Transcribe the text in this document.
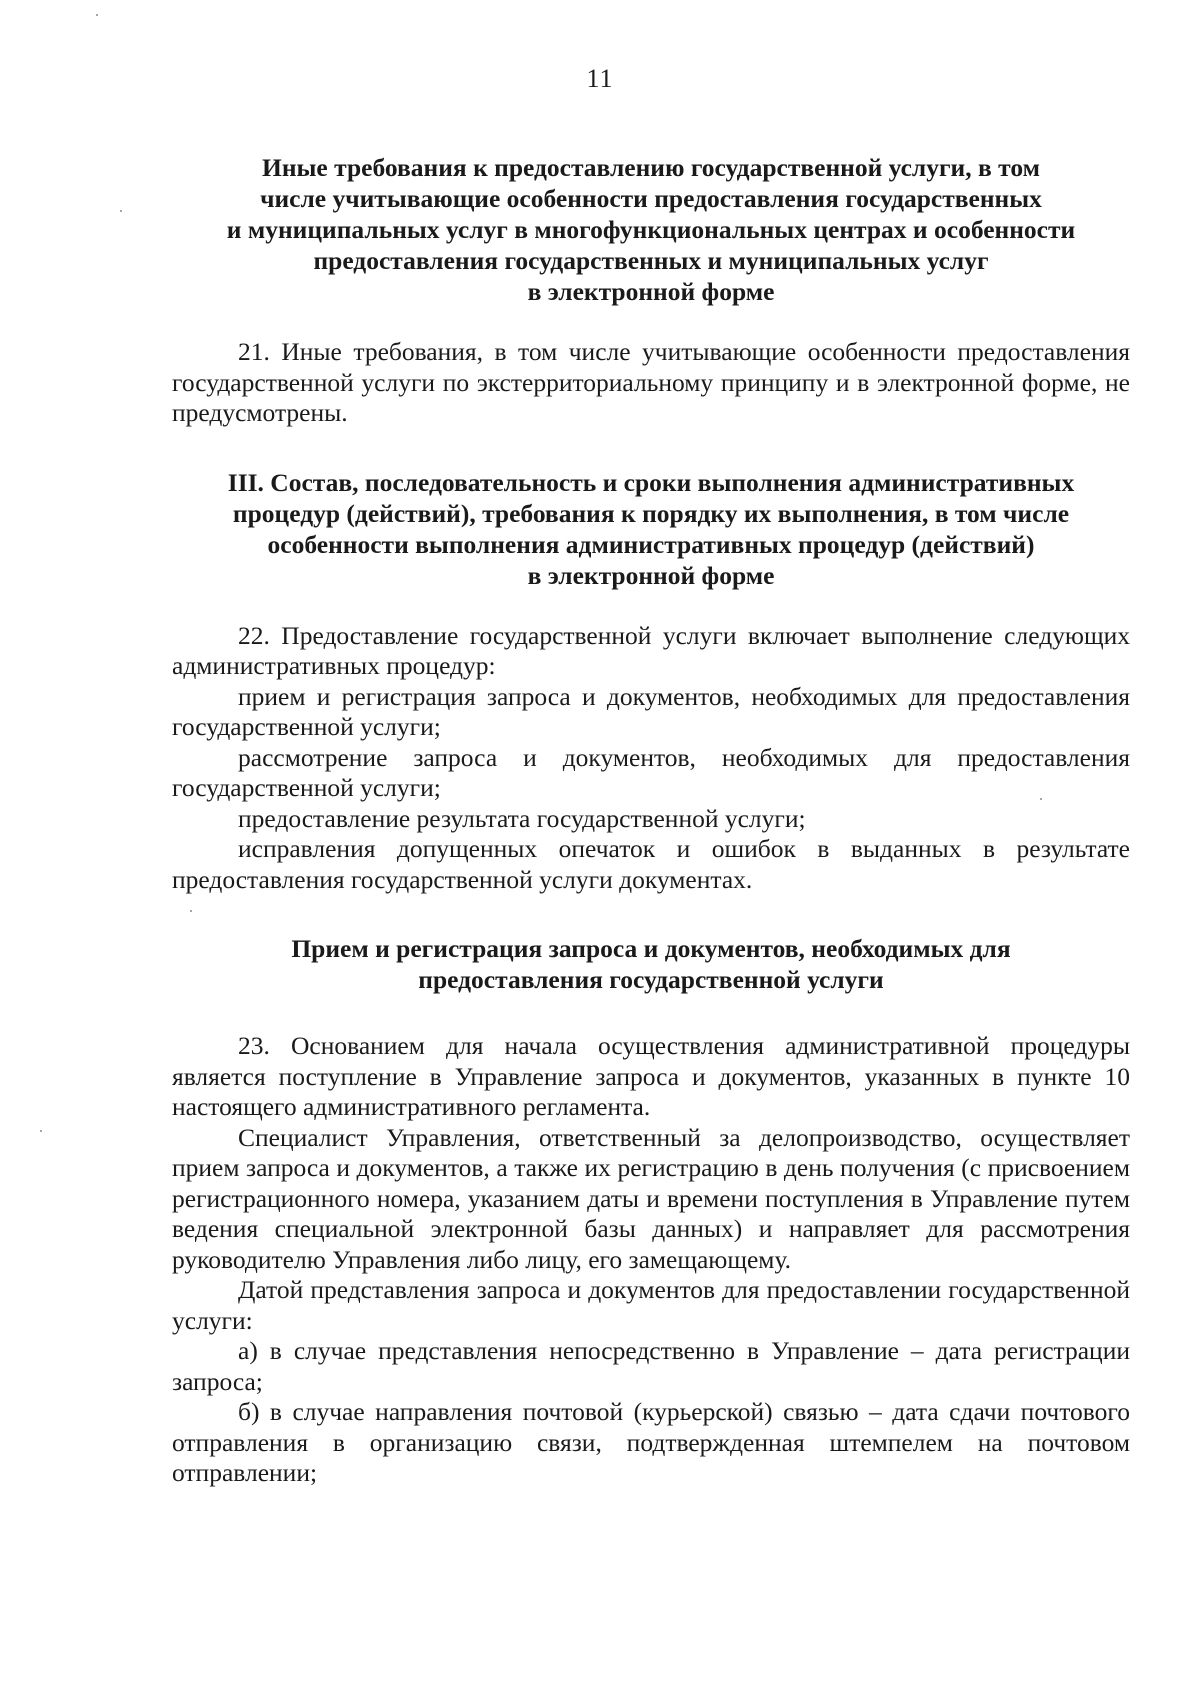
11
Иные требования к предоставлению государственной услуги, в том
числе учитывающие особенности предоставления государственных
и муниципальных услуг в многофункциональных центрах и особенности
предоставления государственных и муниципальных услуг
в электронной форме

21. Иные требования, в том числе учитывающие особенности предоставления государственной услуги по экстерриториальному принципу и в электронной форме, не предусмотрены.

III. Состав, последовательность и сроки выполнения административных
процедур (действий), требования к порядку их выполнения, в том числе
особенности выполнения административных процедур (действий)
в электронной форме

22. Предоставление государственной услуги включает выполнение следующих административных процедур:

прием и регистрация запроса и документов, необходимых для предоставления государственной услуги;

рассмотрение запроса и документов, необходимых для предоставления государственной услуги;

предоставление результата государственной услуги;

исправления допущенных опечаток и ошибок в выданных в результате предоставления государственной услуги документах.

Прием и регистрация запроса и документов, необходимых для
предоставления государственной услуги

23. Основанием для начала осуществления административной процедуры является поступление в Управление запроса и документов, указанных в пункте 10 настоящего административного регламента.

Специалист Управления, ответственный за делопроизводство, осуществляет прием запроса и документов, а также их регистрацию в день получения (с присвоением регистрационного номера, указанием даты и времени поступления в Управление путем ведения специальной электронной базы данных) и направляет для рассмотрения руководителю Управления либо лицу, его замещающему.

Датой представления запроса и документов для предоставлении государственной услуги:

а) в случае представления непосредственно в Управление – дата регистрации запроса;

б) в случае направления почтовой (курьерской) связью – дата сдачи почтового отправления в организацию связи, подтвержденная штемпелем на почтовом отправлении;
